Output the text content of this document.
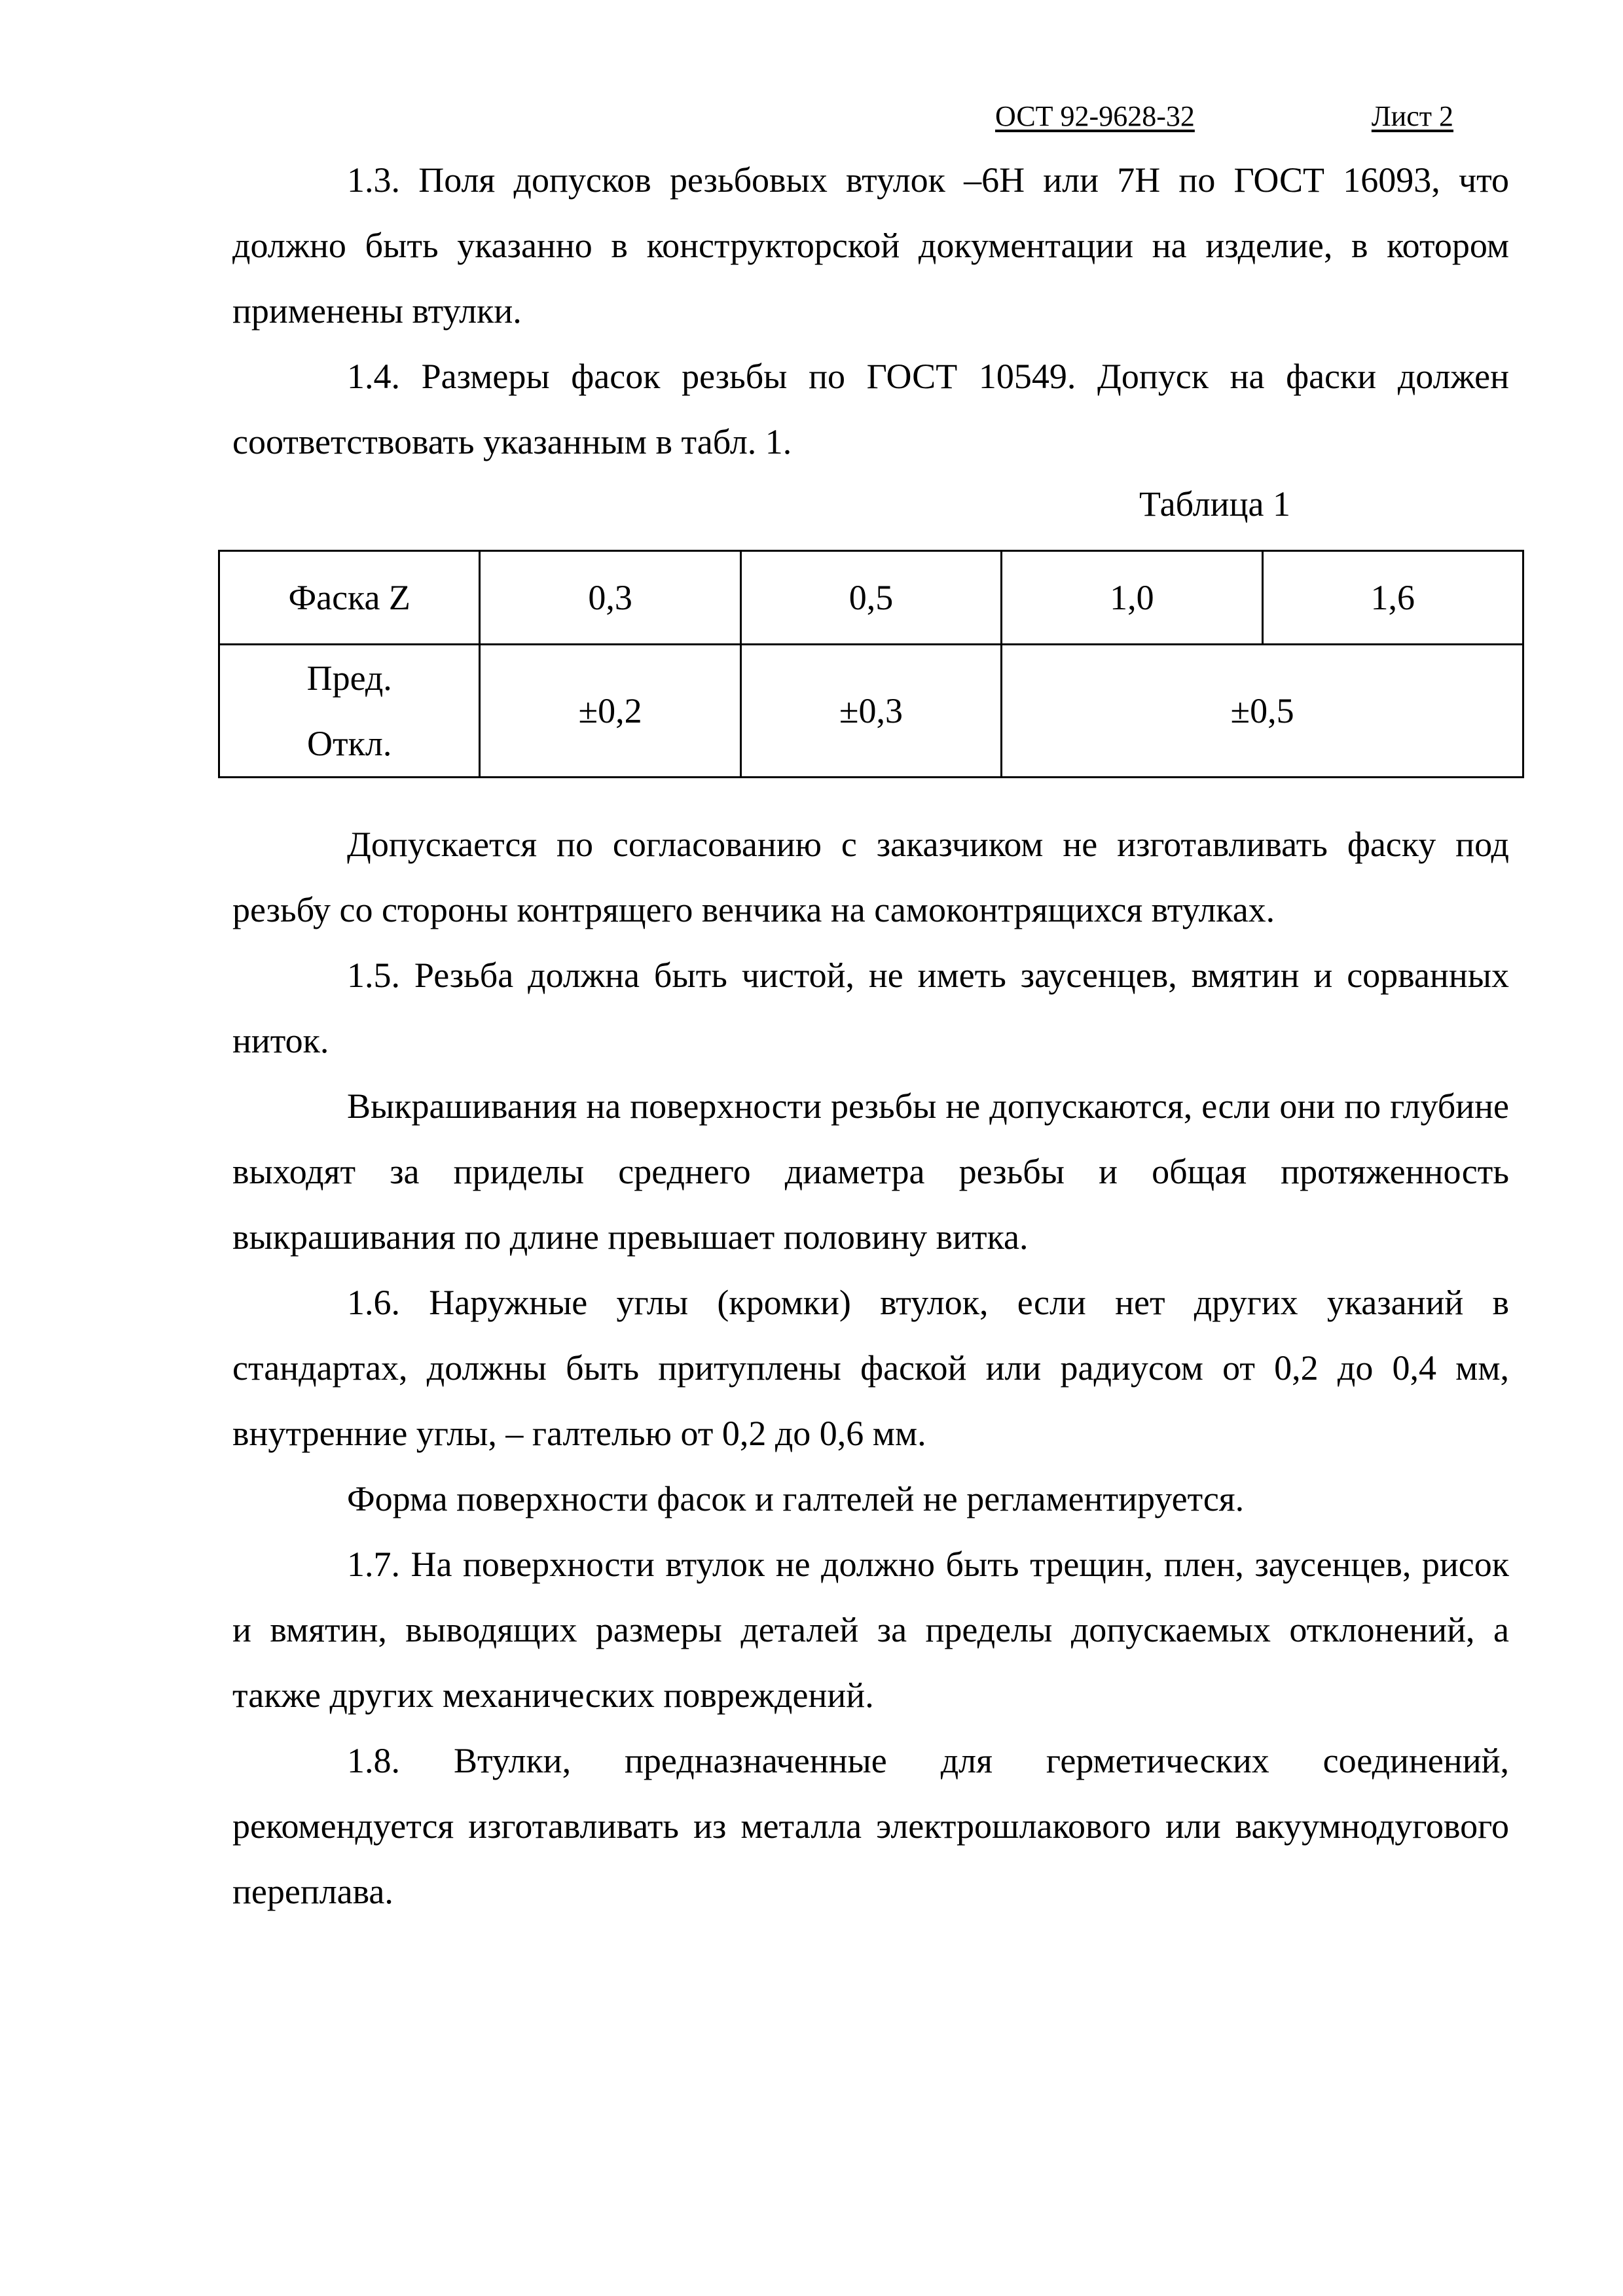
ОСТ 92-9628-32	Лист 2

1.3. Поля допусков резьбовых втулок –6Н или 7Н по ГОСТ 16093, что должно быть указанно в конструкторской документации на изделие, в котором применены втулки.

1.4. Размеры фасок резьбы по ГОСТ 10549. Допуск на фаски должен соответствовать указанным в табл. 1.

Таблица 1
Фаска Z	0,3	0,5	1,0	1,6

Пред.
Откл.	±0,2	±0,3	±0,5	

Допускается по согласованию с заказчиком не изготавливать фаску под резьбу со стороны контрящего венчика на самоконтрящихся втулках.

1.5. Резьба должна быть чистой, не иметь заусенцев, вмятин и сорванных ниток.

Выкрашивания на поверхности резьбы не допускаются, если они по глубине выходят за приделы среднего диаметра резьбы и общая протяженность выкрашивания по длине превышает половину витка.

1.6. Наружные углы (кромки) втулок, если нет других указаний в стандартах, должны быть притуплены фаской или радиусом от 0,2 до 0,4 мм, внутренние углы, – галтелью от 0,2 до 0,6 мм.

Форма поверхности фасок и галтелей не регламентируется.

1.7. На поверхности втулок не должно быть трещин, плен, заусенцев, рисок и вмятин, выводящих размеры деталей за пределы допускаемых отклонений, а также других механических повреждений.

1.8. Втулки, предназначенные для герметических соединений, рекомендуется изготавливать из металла электрошлакового или вакуумнодугового переплава.
